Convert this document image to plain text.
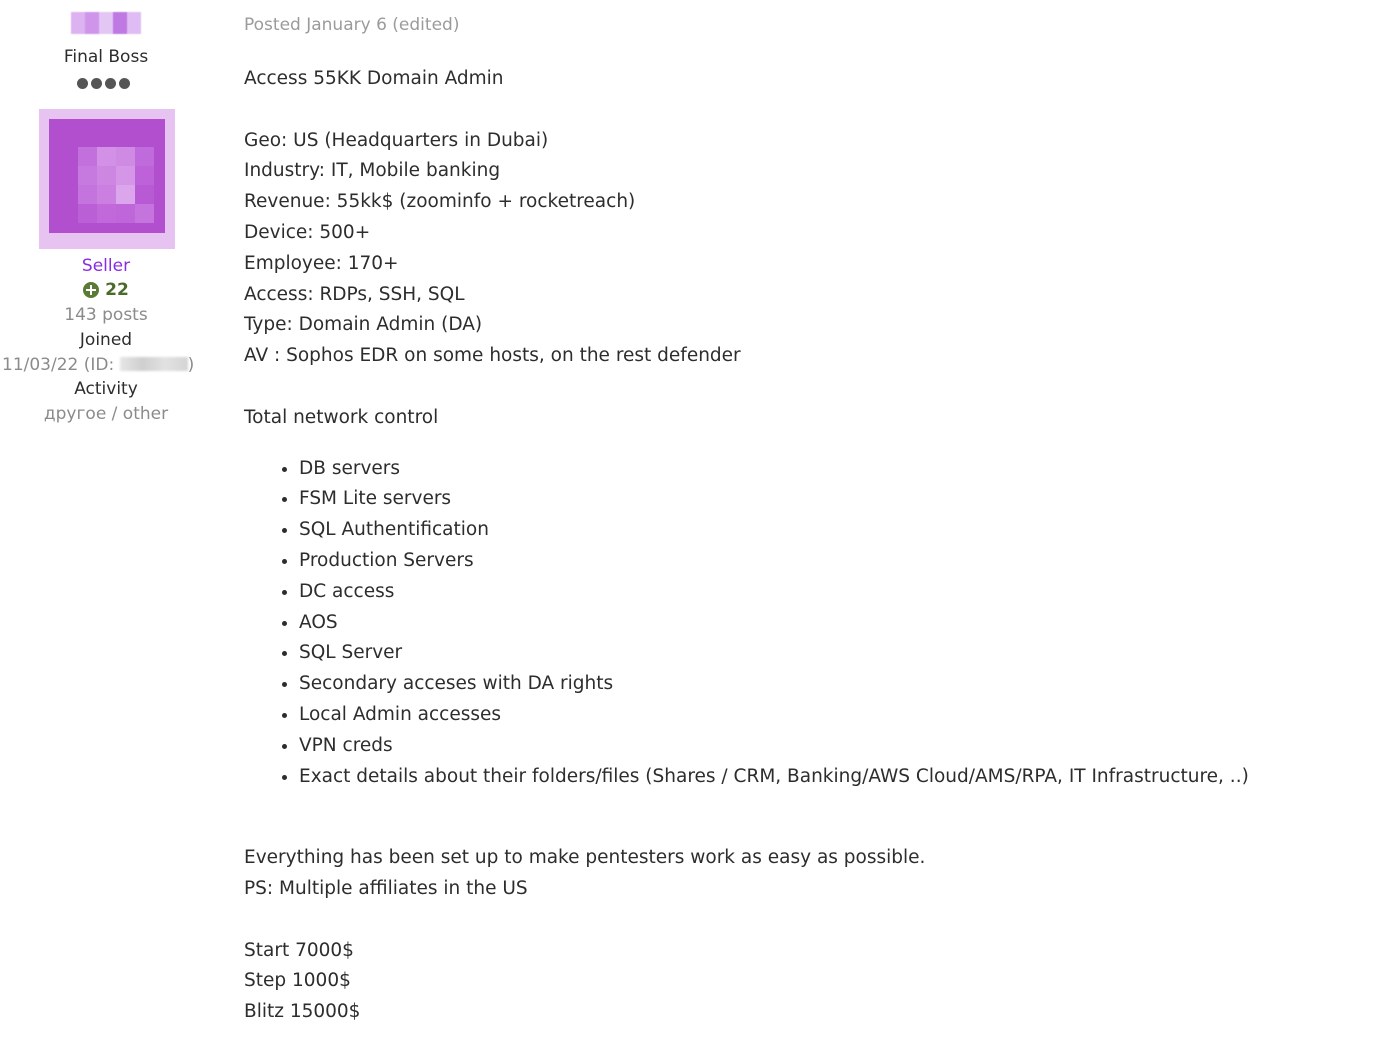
Final Boss
Seller
22
143 posts
Joined
11/03/22 (ID:	)
Activity
другое / other
Posted January 6 (edited)

Access 55KK Domain Admin

Geo: US (Headquarters in Dubai)

Industry: IT, Mobile banking

Revenue: 55kk$ (zoominfo + rocketreach)

Device: 500+

Employee: 170+

Access: RDPs, SSH, SQL

Type: Domain Admin (DA)

AV : Sophos EDR on some hosts, on the rest defender

Total network control

• DB servers
• FSM Lite servers
• SQL Authentification
• Production Servers
• DC access
• AOS
• SQL Server
• Secondary acceses with DA rights
• Local Admin accesses
• VPN creds
• Exact details about their folders/files (Shares / CRM, Banking/AWS Cloud/AMS/RPA, IT Infrastructure, ..)

Everything has been set up to make pentesters work as easy as possible.

PS: Multiple affiliates in the US

Start 7000$

Step 1000$

Blitz 15000$
